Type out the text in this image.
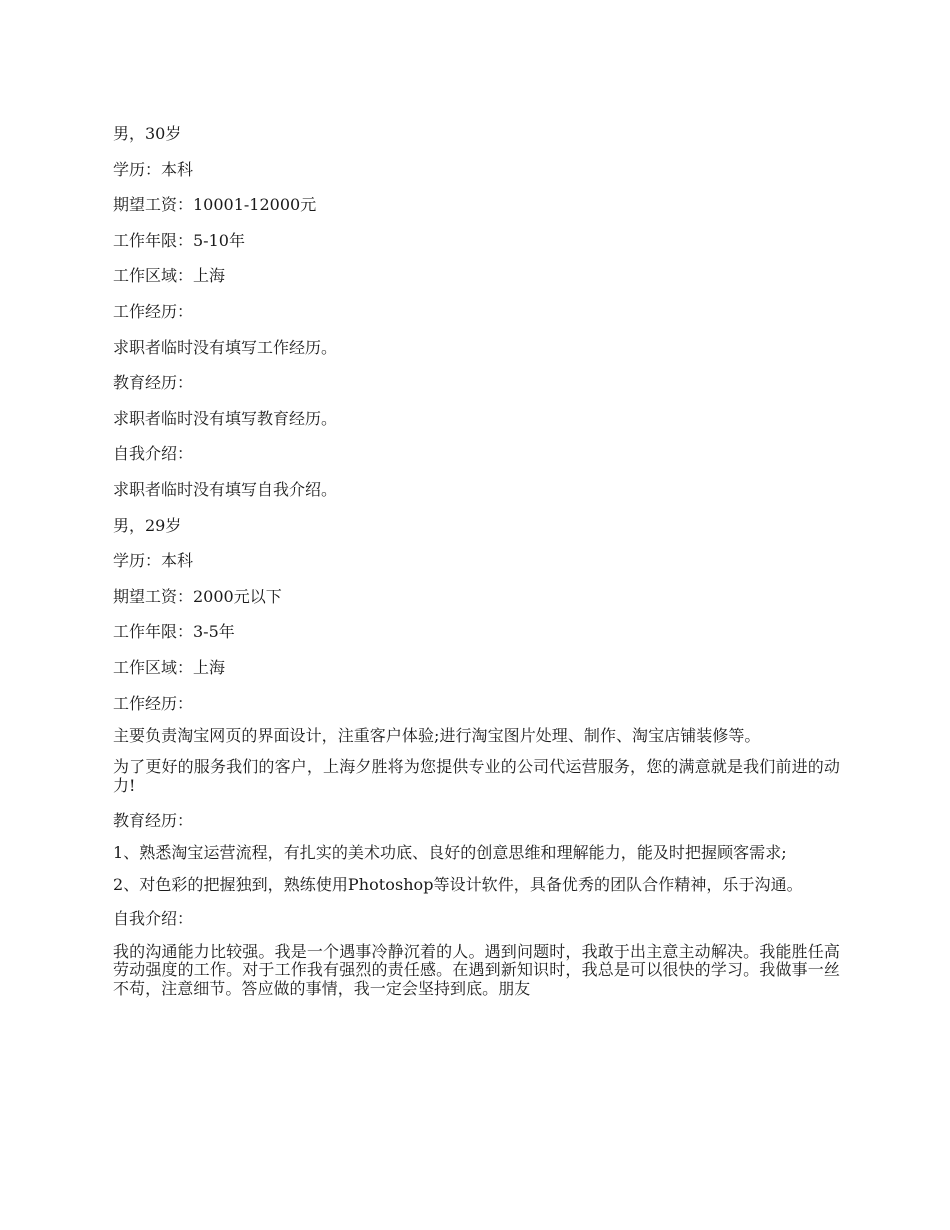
男，30岁

学历：本科

期望工资：10001-12000元

工作年限：5-10年

工作区域：上海

工作经历：

求职者临时没有填写工作经历。

教育经历：

求职者临时没有填写教育经历。

自我介绍：

求职者临时没有填写自我介绍。

男，29岁

学历：本科

期望工资：2000元以下

工作年限：3-5年

工作区域：上海

工作经历：

主要负责淘宝网页的界面设计，注重客户体验;进行淘宝图片处理、制作、淘宝店铺装修等。

为了更好的服务我们的客户，上海夕胜将为您提供专业的公司代运营服务，您的满意就是我们前进的动力!

教育经历：

1、熟悉淘宝运营流程，有扎实的美术功底、良好的创意思维和理解能力，能及时把握顾客需求;

2、对色彩的把握独到，熟练使用Photoshop等设计软件，具备优秀的团队合作精神，乐于沟通。

自我介绍：

我的沟通能力比较强。我是一个遇事冷静沉着的人。遇到问题时，我敢于出主意主动解决。我能胜任高劳动强度的工作。对于工作我有强烈的责任感。在遇到新知识时，我总是可以很快的学习。我做事一丝不苟，注意细节。答应做的事情，我一定会坚持到底。朋友
